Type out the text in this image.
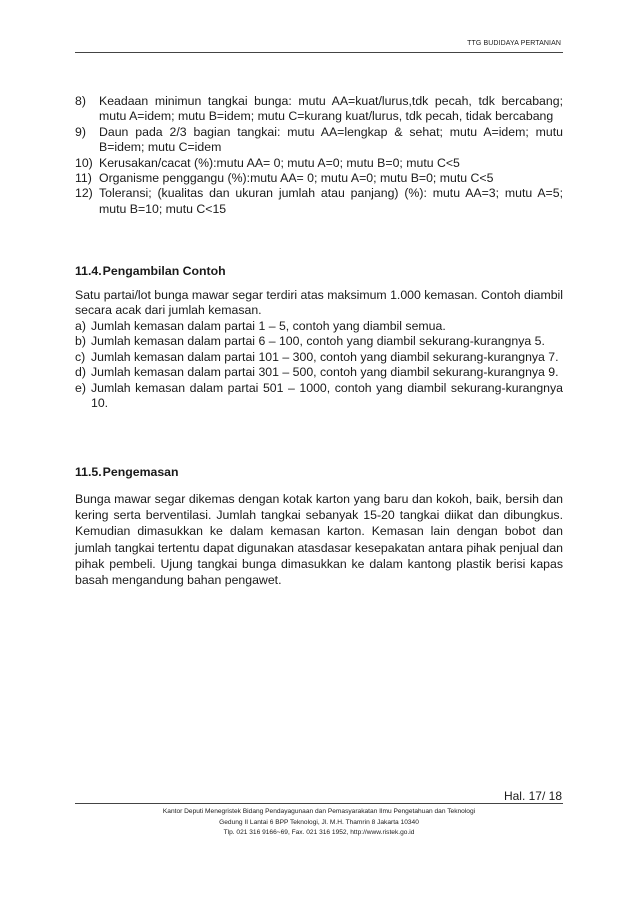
TTG BUDIDAYA PERTANIAN
8)	Keadaan minimun tangkai bunga: mutu AA=kuat/lurus,tdk pecah, tdk bercabang; mutu A=idem; mutu B=idem; mutu C=kurang kuat/lurus, tdk pecah, tidak bercabang
9)	Daun pada 2/3 bagian tangkai: mutu AA=lengkap & sehat; mutu A=idem; mutu B=idem; mutu C=idem
10) Kerusakan/cacat (%):mutu AA= 0; mutu A=0; mutu B=0; mutu C<5
11) Organisme penggangu (%):mutu AA= 0; mutu A=0; mutu B=0; mutu C<5
12) Toleransi; (kualitas dan ukuran jumlah atau panjang) (%): mutu AA=3; mutu A=5; mutu B=10; mutu C<15
11.4.Pengambilan Contoh

Satu partai/lot bunga mawar segar terdiri atas maksimum 1.000 kemasan. Contoh diambil secara acak dari jumlah kemasan.

a) Jumlah kemasan dalam partai 1 – 5, contoh yang diambil semua.
b) Jumlah kemasan dalam partai 6 – 100, contoh yang diambil sekurang-kurangnya 5.
c) Jumlah kemasan dalam partai 101 – 300, contoh yang diambil sekurang-kurangnya 7.
d) Jumlah kemasan dalam partai 301 – 500, contoh yang diambil sekurang-kurangnya 9.
e) Jumlah kemasan dalam partai 501 – 1000, contoh yang diambil sekurang-kurangnya 10.
11.5.Pengemasan

Bunga mawar segar dikemas dengan kotak karton yang baru dan kokoh, baik, bersih dan kering serta berventilasi. Jumlah tangkai sebanyak 15-20 tangkai diikat dan dibungkus. Kemudian dimasukkan ke dalam kemasan karton. Kemasan lain dengan bobot dan jumlah tangkai tertentu dapat digunakan atasdasar kesepakatan antara pihak penjual dan pihak pembeli. Ujung tangkai bunga dimasukkan ke dalam kantong plastik berisi kapas basah mengandung bahan pengawet.

Hal. 17/ 18
Kantor Deputi Menegristek Bidang Pendayagunaan dan Pemasyarakatan Ilmu Pengetahuan dan Teknologi
Gedung II Lantai 6 BPP Teknologi, Jl. M.H. Thamrin 8 Jakarta 10340
Tlp. 021 316 9166~69, Fax. 021 316 1952, http://www.ristek.go.id
